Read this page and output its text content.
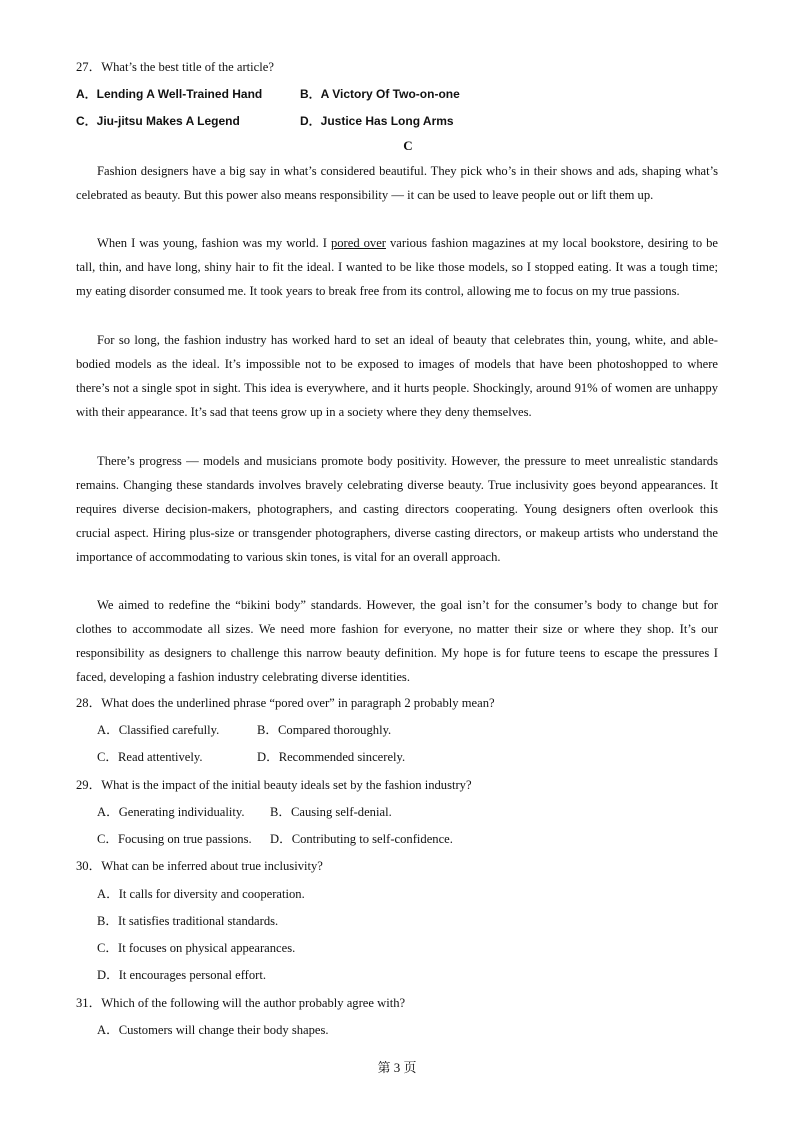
27．What’s the best title of the article?
A．Lending A Well-Trained Hand	B．A Victory Of Two-on-one
C．Jiu-jitsu Makes A Legend	D．Justice Has Long Arms
C
Fashion designers have a big say in what’s considered beautiful. They pick who’s in their shows and ads, shaping what’s celebrated as beauty. But this power also means responsibility — it can be used to leave people out or lift them up.
When I was young, fashion was my world. I pored over various fashion magazines at my local bookstore, desiring to be tall, thin, and have long, shiny hair to fit the ideal. I wanted to be like those models, so I stopped eating. It was a tough time; my eating disorder consumed me. It took years to break free from its control, allowing me to focus on my true passions.
For so long, the fashion industry has worked hard to set an ideal of beauty that celebrates thin, young, white, and able-bodied models as the ideal. It’s impossible not to be exposed to images of models that have been photoshopped to where there’s not a single spot in sight. This idea is everywhere, and it hurts people. Shockingly, around 91% of women are unhappy with their appearance. It’s sad that teens grow up in a society where they deny themselves.
There’s progress — models and musicians promote body positivity. However, the pressure to meet unrealistic standards remains. Changing these standards involves bravely celebrating diverse beauty. True inclusivity goes beyond appearances. It requires diverse decision-makers, photographers, and casting directors cooperating. Young designers often overlook this crucial aspect. Hiring plus-size or transgender photographers, diverse casting directors, or makeup artists who understand the importance of accommodating to various skin tones, is vital for an overall approach.
We aimed to redefine the “bikini body” standards. However, the goal isn’t for the consumer’s body to change but for clothes to accommodate all sizes. We need more fashion for everyone, no matter their size or where they shop. It’s our responsibility as designers to challenge this narrow beauty definition. My hope is for future teens to escape the pressures I faced, developing a fashion industry celebrating diverse identities.
28．What does the underlined phrase “pored over” in paragraph 2 probably mean?
A．Classified carefully.	B．Compared thoroughly.
C．Read attentively.	D．Recommended sincerely.
29．What is the impact of the initial beauty ideals set by the fashion industry?
A．Generating individuality. B．Causing self-denial.
C．Focusing on true passions. D．Contributing to self-confidence.
30．What can be inferred about true inclusivity?
A．It calls for diversity and cooperation.
B．It satisfies traditional standards.
C．It focuses on physical appearances.
D．It encourages personal effort.
31．Which of the following will the author probably agree with?
A．Customers will change their body shapes.
第 3 页
